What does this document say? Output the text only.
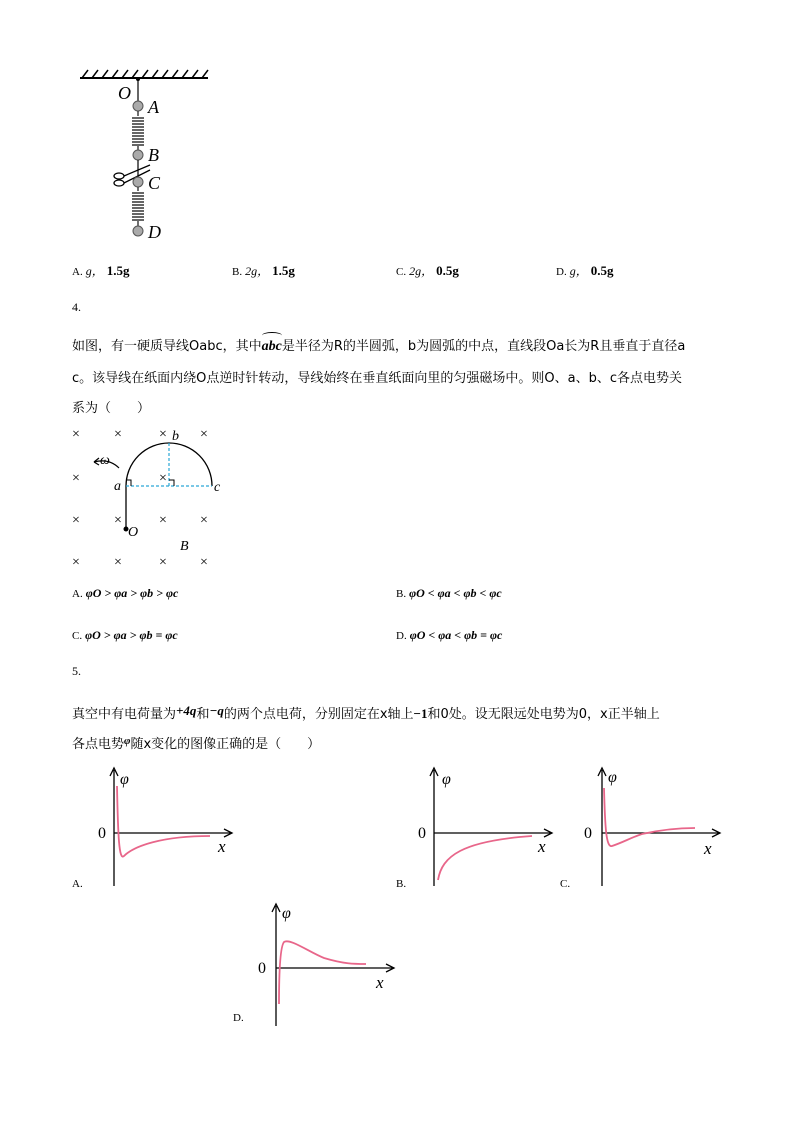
O
A
B
C
D
A. g， 1.5g	B. 2g， 1.5g	C. 2g， 0.5g	D. g， 0.5g
4.
如图，有一硬质导线Oabc，其中
abc是半径为R的半圆弧，b为圆弧的中点，直线段Oa长为R且垂直于直径a
c。该导线在纸面内绕O点逆时针转动，导线始终在垂直纸面向里的匀强磁场中。则O、a、b、c各点电势关
系为（　　）
× ×	× ×
×	×
× ×	× ×
× ×	× ×
ω
a
b
c
O
B
A. φO > φa > φb > φc	B. φO < φa < φb < φc
C. φO > φa > φb = φc	D. φO < φa < φb = φc
5.
真空中有电荷量为+4q和−q的两个点电荷，分别固定在x轴上−1和0处。设无限远处电势为0，x正半轴上
各点电势$^\varphi$随x变化的图像正确的是（　　）
φ
x
0
A.
φ
x
0
B.
φ
x
0
C.
φ
x
0
D.
